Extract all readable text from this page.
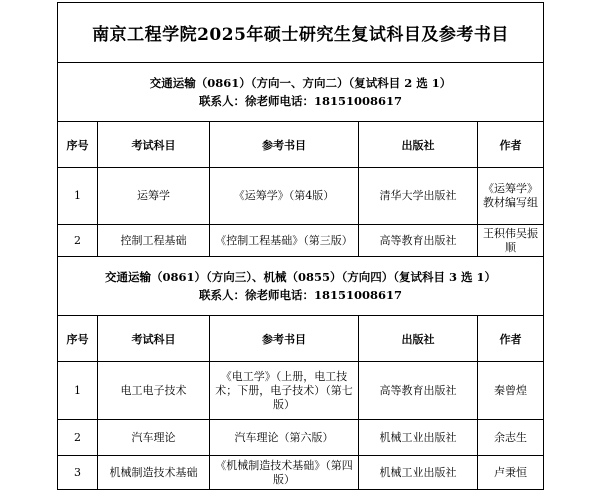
南京工程学院2025年硕士研究生复试科目及参考书目				

交通运输（0861）（方向一、方向二）（复试科目 2 选 1）
联系人：徐老师电话：18151008617				

序号	考试科目	参考书目	出版社	作者
1	运筹学	《运筹学》（第4版）	清华大学出版社	《运筹学》教材编写组
2	控制工程基础	《控制工程基础》（第三版）	高等教育出版社	王积伟吴振顺

交通运输（0861）（方向三）、机械（0855）（方向四）（复试科目 3 选 1）
联系人：徐老师电话：18151008617				

序号	考试科目	参考书目	出版社	作者
1	电工电子技术	《电工学》（上册，电工技术；下册，电子技术）（第七版）	高等教育出版社	秦曾煌
2	汽车理论	汽车理论（第六版）	机械工业出版社	余志生
3	机械制造技术基础	《机械制造技术基础》（第四版）	机械工业出版社	卢秉恒
